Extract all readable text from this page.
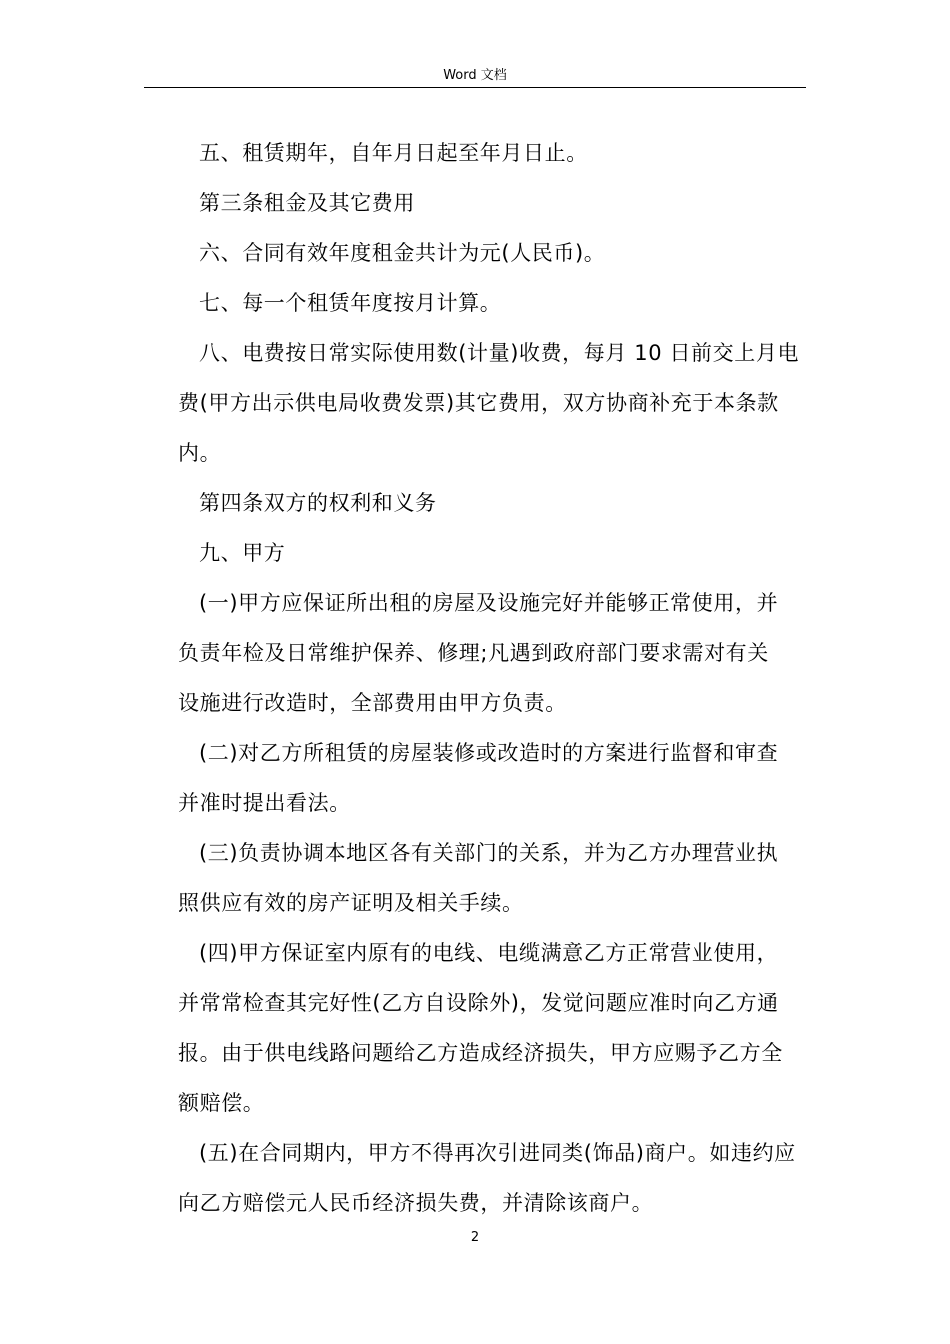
Word 文档

五、租赁期年，自年月日起至年月日止。

第三条租金及其它费用

六、合同有效年度租金共计为元(人民币)。

七、每一个租赁年度按月计算。

八、电费按日常实际使用数(计量)收费，每月 10 日前交上月电
费(甲方出示供电局收费发票)其它费用，双方协商补充于本条款
内。

第四条双方的权利和义务

九、甲方

(一)甲方应保证所出租的房屋及设施完好并能够正常使用，并
负责年检及日常维护保养、修理;凡遇到政府部门要求需对有关
设施进行改造时，全部费用由甲方负责。

(二)对乙方所租赁的房屋装修或改造时的方案进行监督和审查
并准时提出看法。

(三)负责协调本地区各有关部门的关系，并为乙方办理营业执
照供应有效的房产证明及相关手续。

(四)甲方保证室内原有的电线、电缆满意乙方正常营业使用，
并常常检查其完好性(乙方自设除外)，发觉问题应准时向乙方通
报。由于供电线路问题给乙方造成经济损失，甲方应赐予乙方全
额赔偿。

(五)在合同期内，甲方不得再次引进同类(饰品)商户。如违约应
向乙方赔偿元人民币经济损失费，并清除该商户。

2
